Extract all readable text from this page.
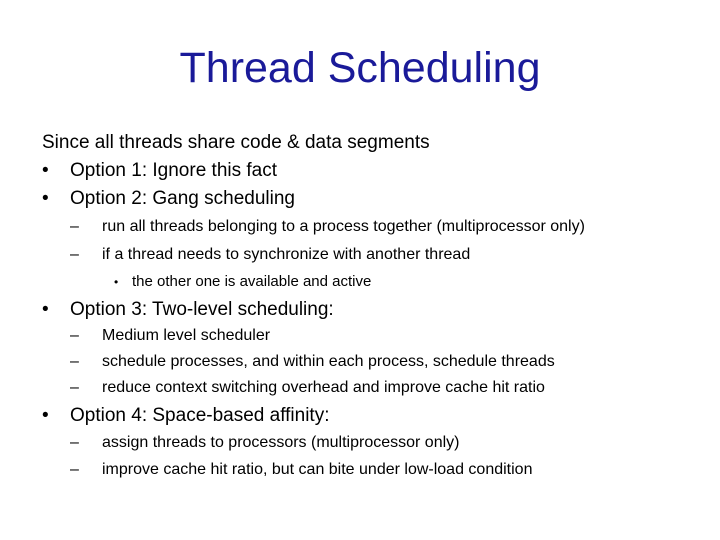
Thread Scheduling
Since all threads share code & data segments
• Option 1: Ignore this fact
• Option 2: Gang scheduling
– run all threads belonging to a process together (multiprocessor only)
– if a thread needs to synchronize with another thread
• the other one is available and active
• Option 3: Two-level scheduling:
– Medium level scheduler
– schedule processes, and within each process, schedule threads
– reduce context switching overhead and improve cache hit ratio
• Option 4: Space-based affinity:
– assign threads to processors (multiprocessor only)
– improve cache hit ratio, but can bite under low-load condition
